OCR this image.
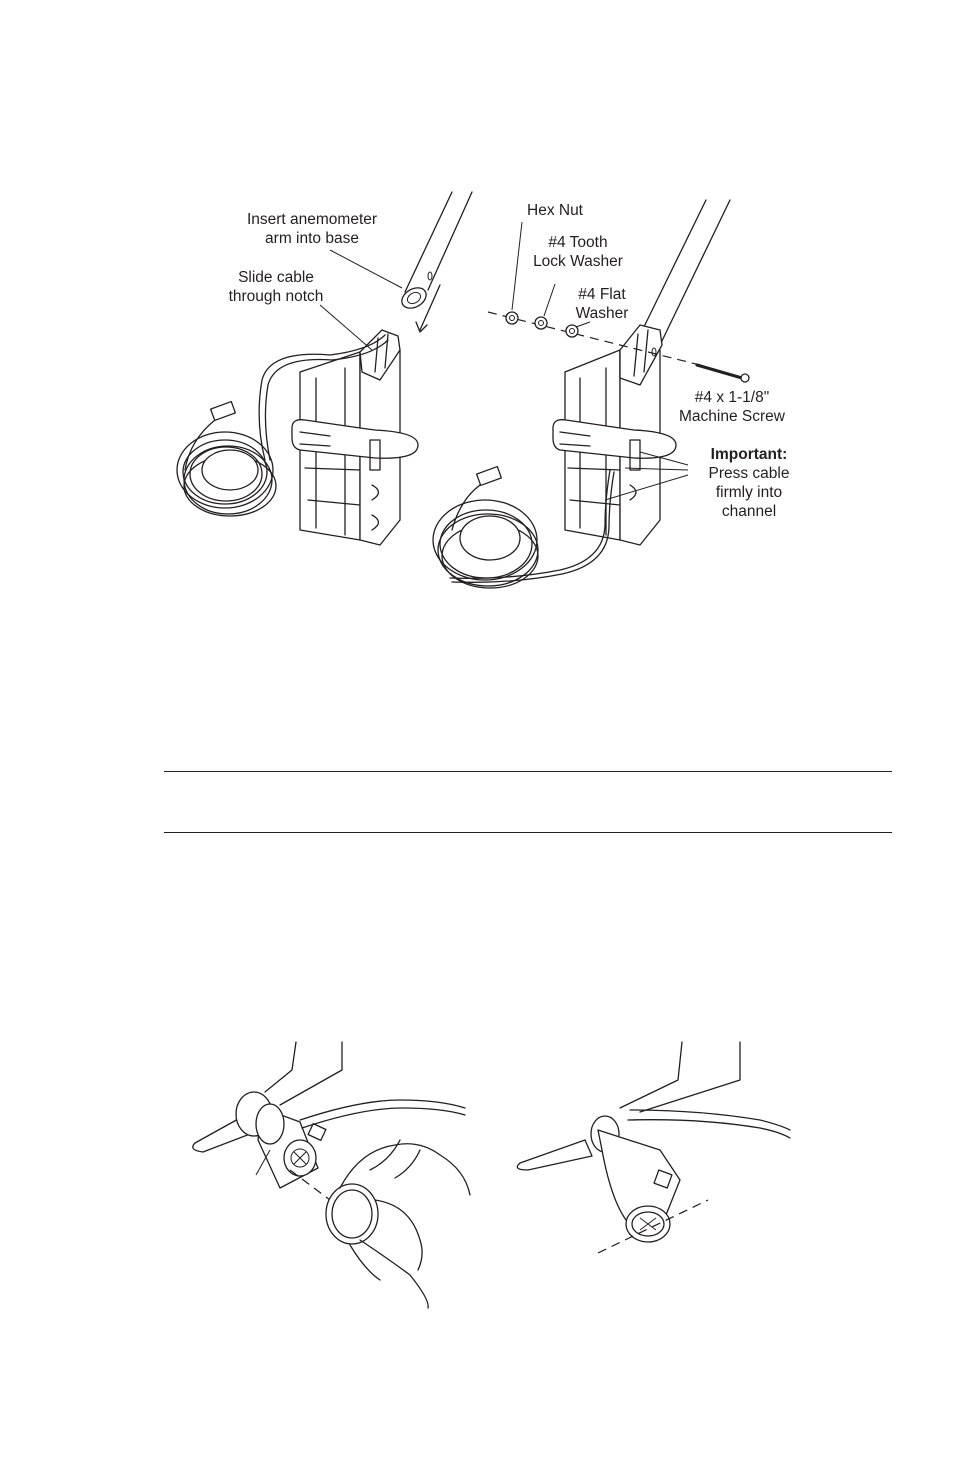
Insert anemometer
arm into base
Slide cable
through notch
Hex Nut
#4 Tooth
Lock Washer
#4 Flat
Washer
#4 x 1-1/8"
Machine Screw
Important:
Press cable
firmly into
channel
